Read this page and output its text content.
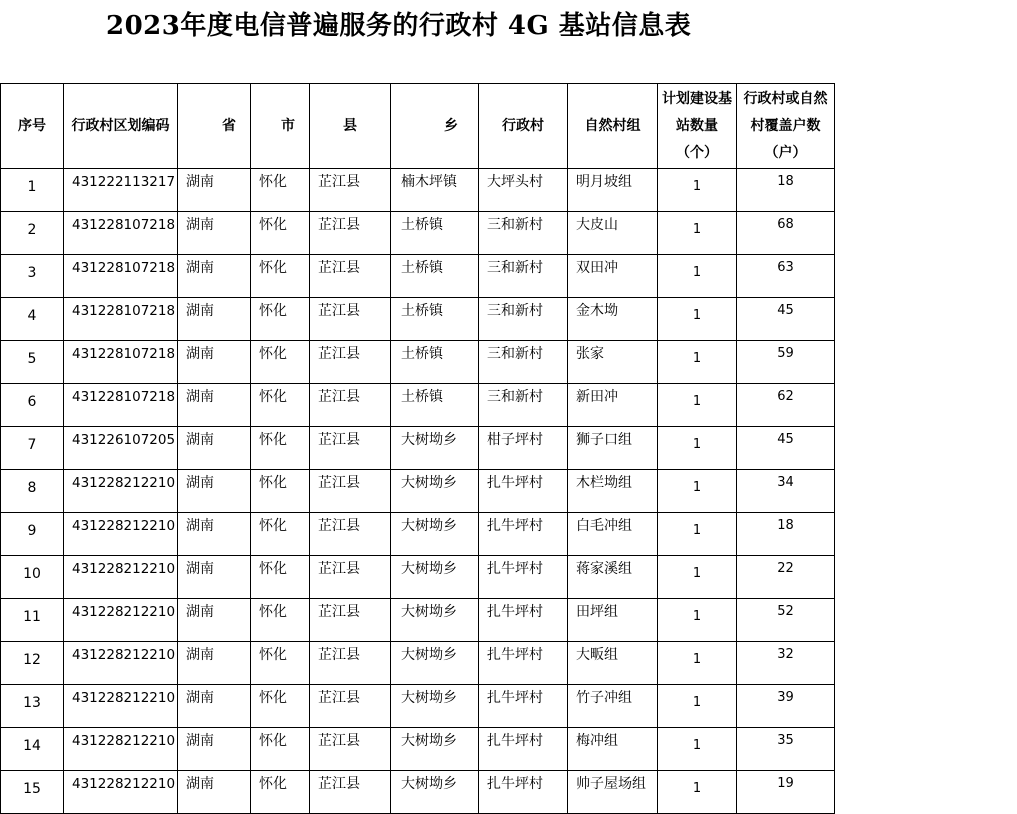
2023年度电信普遍服务的行政村 4G 基站信息表
序号	行政村区划编码	省	市	县	乡	行政村	自然村组	计划建设基站数量（个）	行政村或自然村覆盖户数（户）
1	431222113217	湖南	怀化	芷江县	楠木坪镇	大坪头村	明月坡组	1	18
2	431228107218	湖南	怀化	芷江县	土桥镇	三和新村	大皮山	1	68
3	431228107218	湖南	怀化	芷江县	土桥镇	三和新村	双田冲	1	63
4	431228107218	湖南	怀化	芷江县	土桥镇	三和新村	金木坳	1	45
5	431228107218	湖南	怀化	芷江县	土桥镇	三和新村	张家	1	59
6	431228107218	湖南	怀化	芷江县	土桥镇	三和新村	新田冲	1	62
7	431226107205	湖南	怀化	芷江县	大树坳乡	柑子坪村	狮子口组	1	45
8	431228212210	湖南	怀化	芷江县	大树坳乡	扎牛坪村	木栏坳组	1	34
9	431228212210	湖南	怀化	芷江县	大树坳乡	扎牛坪村	白毛冲组	1	18
10	431228212210	湖南	怀化	芷江县	大树坳乡	扎牛坪村	蒋家溪组	1	22
11	431228212210	湖南	怀化	芷江县	大树坳乡	扎牛坪村	田坪组	1	52
12	431228212210	湖南	怀化	芷江县	大树坳乡	扎牛坪村	大畈组	1	32
13	431228212210	湖南	怀化	芷江县	大树坳乡	扎牛坪村	竹子冲组	1	39
14	431228212210	湖南	怀化	芷江县	大树坳乡	扎牛坪村	梅冲组	1	35
15	431228212210	湖南	怀化	芷江县	大树坳乡	扎牛坪村	帅子屋场组	1	19
